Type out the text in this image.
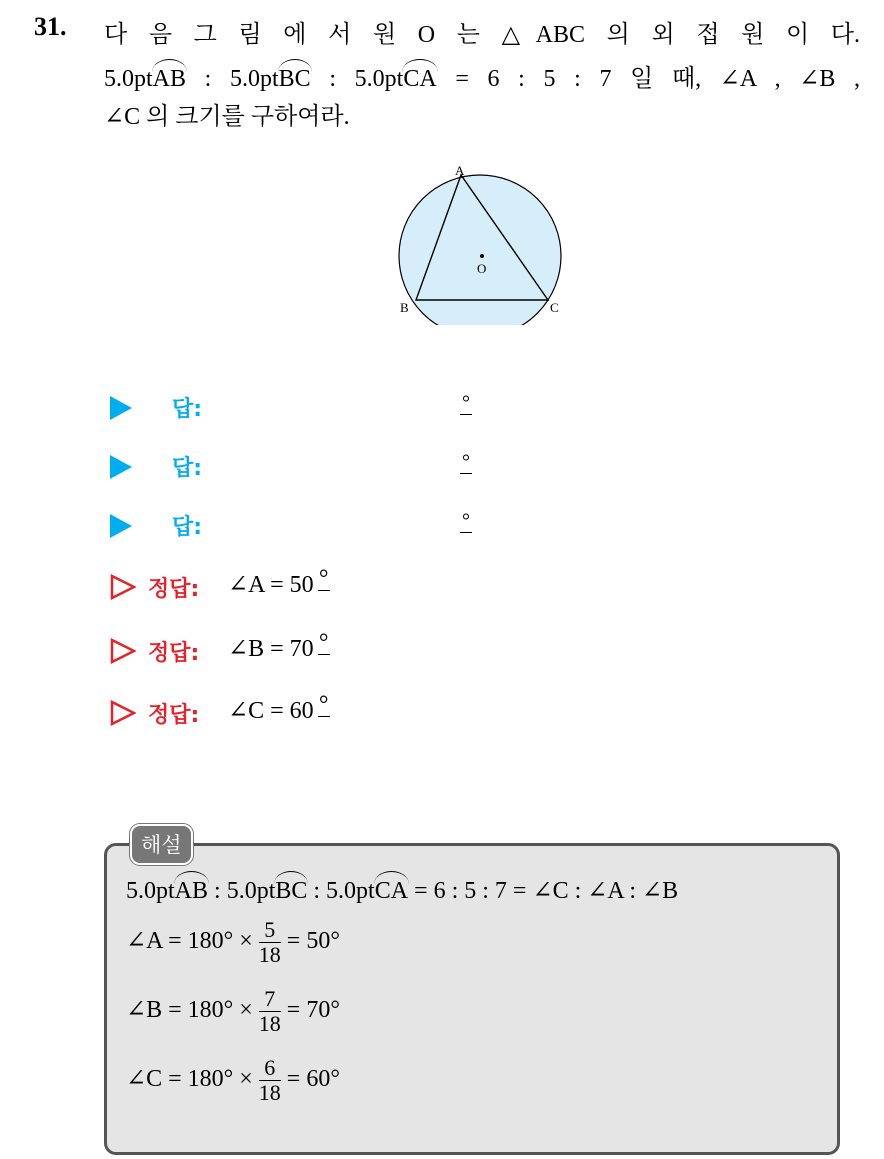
31. 다 음 그 림 에 서 원 O 는 △ABC 의 외 접 원 이 다.
5.0ptAB : 5.0ptBC : 5.0ptCA = 6 : 5 : 7 일 때, ∠A , ∠B ,
∠C 의 크기를 구하여라.
A
B	C
O
답:	°
답:	°
답:	°
정답: ∠A = 50 °
정답: ∠B = 70 °
정답: ∠C = 60 °
해설
5.0ptAB : 5.0ptBC : 5.0ptCA = 6 : 5 : 7 = ∠C : ∠A : ∠B
∠A = $180^\circ \times \frac{5}{18} = 50^\circ$
∠B = $180^\circ \times \frac{7}{18} = 70^\circ$
∠C = $180^\circ \times \frac{6}{18} = 60^\circ$
